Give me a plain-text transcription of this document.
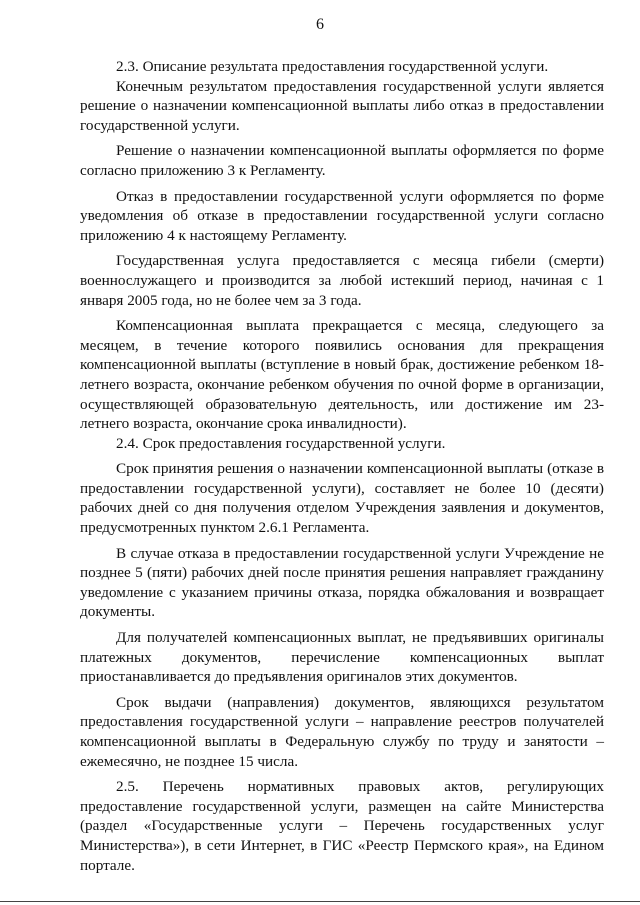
6

2.3. Описание результата предоставления государственной услуги.

Конечным результатом предоставления государственной услуги является решение о назначении компенсационной выплаты либо отказ в предоставлении государственной услуги.

Решение о назначении компенсационной выплаты оформляется по форме согласно приложению 3 к Регламенту.

Отказ в предоставлении государственной услуги оформляется по форме уведомления об отказе в предоставлении государственной услуги согласно приложению 4 к настоящему Регламенту.

Государственная услуга предоставляется с месяца гибели (смерти) военнослужащего и производится за любой истекший период, начиная с 1 января 2005 года, но не более чем за 3 года.

Компенсационная выплата прекращается с месяца, следующего за месяцем, в течение которого появились основания для прекращения компенсационной выплаты (вступление в новый брак, достижение ребенком 18-летнего возраста, окончание ребенком обучения по очной форме в организации, осуществляющей образовательную деятельность, или достижение им 23-летнего возраста, окончание срока инвалидности).

2.4. Срок предоставления государственной услуги.

Срок принятия решения о назначении компенсационной выплаты (отказе в предоставлении государственной услуги), составляет не более 10 (десяти) рабочих дней со дня получения отделом Учреждения заявления и документов, предусмотренных пунктом 2.6.1 Регламента.

В случае отказа в предоставлении государственной услуги Учреждение не позднее 5 (пяти) рабочих дней после принятия решения направляет гражданину уведомление с указанием причины отказа, порядка обжалования и возвращает документы.

Для получателей компенсационных выплат, не предъявивших оригиналы платежных документов, перечисление компенсационных выплат приостанавливается до предъявления оригиналов этих документов.

Срок выдачи (направления) документов, являющихся результатом предоставления государственной услуги – направление реестров получателей компенсационной выплаты в Федеральную службу по труду и занятости – ежемесячно, не позднее 15 числа.

2.5. Перечень нормативных правовых актов, регулирующих предоставление государственной услуги, размещен на сайте Министерства (раздел «Государственные услуги – Перечень государственных услуг Министерства»), в сети Интернет, в ГИС «Реестр Пермского края», на Едином портале.
